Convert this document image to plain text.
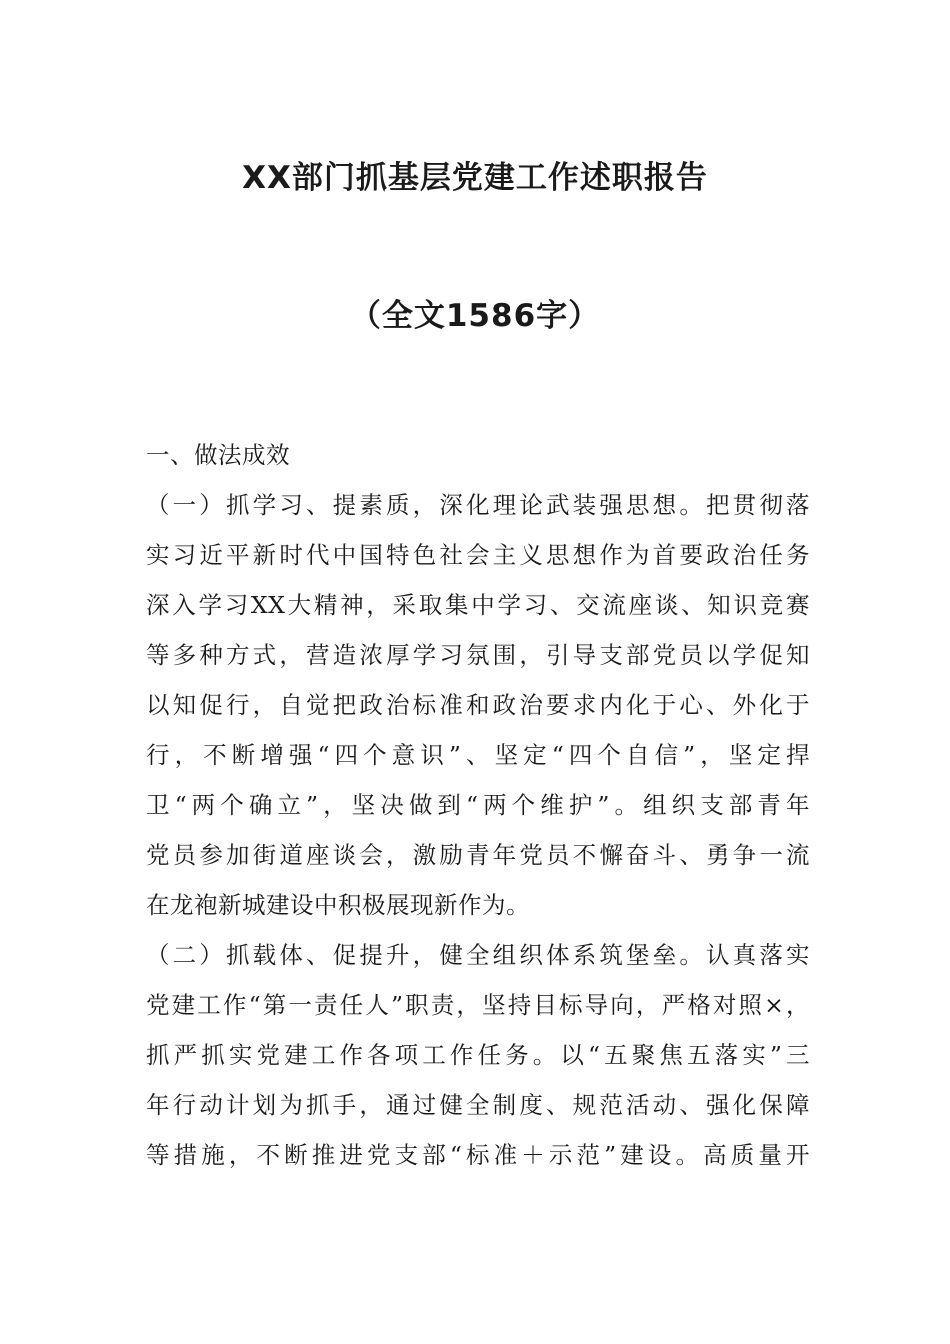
XX部门抓基层党建工作述职报告
（全文1586字）
一、做法成效
（一）抓学习、提素质，深化理论武装强思想。把贯彻落
实习近平新时代中国特色社会主义思想作为首要政治任务
深入学习XX大精神，采取集中学习、交流座谈、知识竞赛
等多种方式，营造浓厚学习氛围，引导支部党员以学促知
以知促行，自觉把政治标准和政治要求内化于心、外化于
行，不断增强“四个意识”、坚定“四个自信”，坚定捍
卫“两个确立”，坚决做到“两个维护”。组织支部青年
党员参加街道座谈会，激励青年党员不懈奋斗、勇争一流
在龙袍新城建设中积极展现新作为。
（二）抓载体、促提升，健全组织体系筑堡垒。认真落实
党建工作“第一责任人”职责，坚持目标导向，严格对照×，
抓严抓实党建工作各项工作任务。以“五聚焦五落实”三
年行动计划为抓手，通过健全制度、规范活动、强化保障
等措施，不断推进党支部“标准＋示范”建设。高质量开
